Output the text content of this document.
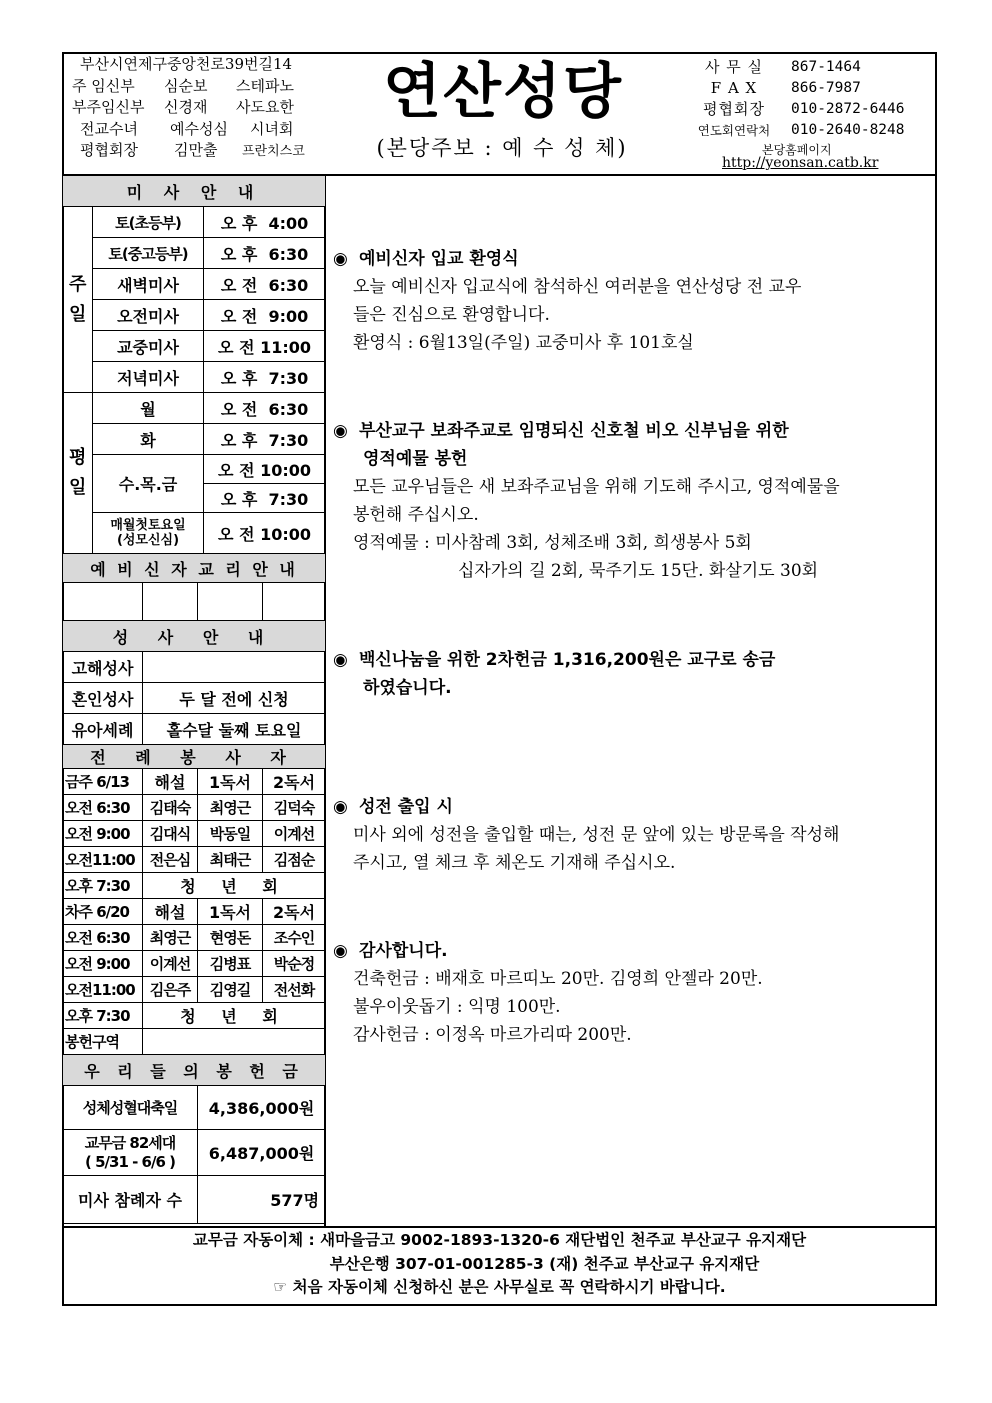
부산시연제구중앙천로39번길14
주 임신부 심순보 스테파노
부주임신부 신경재 사도요한
전교수녀 예수성심 시녀회
평협회장 김만출 프란치스코
연산성당
(본당주보 : 예 수 성 체)
사 무 실	867-1464
F A X	866-7987
평협회장	010-2872-6446
연도회연락처	010-2640-8248
본당홈페이지
http://yeonsan.catb.kr
미 사 안 내					
주일	토(초등부)			오 후  4:00	
	토(중고등부)			오 후  6:30	
	새벽미사			오 전  6:30	
	오전미사			오 전  9:00	
	교중미사			오 전 11:00	
	저녁미사			오 후  7:30	
평일	월			오 전  6:30	
	화			오 후  7:30	
	수.목.금			오 전 10:00	
				오 후  7:30	
	매월첫토요일
(성모신심)			오 전 10:00	
예 비 신 자 교 리 안 내					

성 사 안 내					
고해성사					
혼인성사		두 달 전에 신청			
유아세례		홀수달 둘째 토요일			
전 례 봉 사 자					
금주 6/13		해설	1독서		2독서
오전 6:30		김태숙	최영근		김덕숙
오전 9:00		김대식	박동일		이계선
오전11:00		전은심	최태근		김점순
오후 7:30		청 년 회			
차주 6/20		해설	1독서		2독서
오전 6:30		최영근	현영돈		조수인
오전 9:00		이계선	김병표		박순정
오전11:00		김은주	김영길		전선화
오후 7:30		청 년 회			
봉헌구역					
우 리 들 의 봉 헌 금					
성체성혈대축일			4,386,000원		
교무금 82세대
( 5/31 - 6/6 )			6,487,000원		
미사 참례자 수			577명		
◉ 예비신자 입교 환영식
오늘 예비신자 입교식에 참석하신 여러분을 연산성당 전 교우
들은 진심으로 환영합니다.
환영식 : 6월13일(주일) 교중미사 후 101호실
◉ 부산교구 보좌주교로 임명되신 신호철 비오 신부님을 위한
영적예물 봉헌
모든 교우님들은 새 보좌주교님을 위해 기도해 주시고, 영적예물을
봉헌해 주십시오.
영적예물 : 미사참례 3회, 성체조배 3회, 희생봉사 5회
십자가의 길 2회, 묵주기도 15단. 화살기도 30회
◉ 백신나눔을 위한 2차헌금 1,316,200원은 교구로 송금
하였습니다.
◉ 성전 출입 시
미사 외에 성전을 출입할 때는, 성전 문 앞에 있는 방문록을 작성해
주시고, 열 체크 후 체온도 기재해 주십시오.
◉ 감사합니다.
건축헌금 : 배재호 마르띠노 20만. 김영희 안젤라 20만.
불우이웃돕기 : 익명 100만.
감사헌금 : 이정옥 마르가리따 200만.
교무금 자동이체 : 새마을금고 9002-1893-1320-6 재단법인 천주교 부산교구 유지재단
부산은행 307-01-001285-3 (재) 천주교 부산교구 유지재단
☞ 처음 자동이체 신청하신 분은 사무실로 꼭 연락하시기 바랍니다.
